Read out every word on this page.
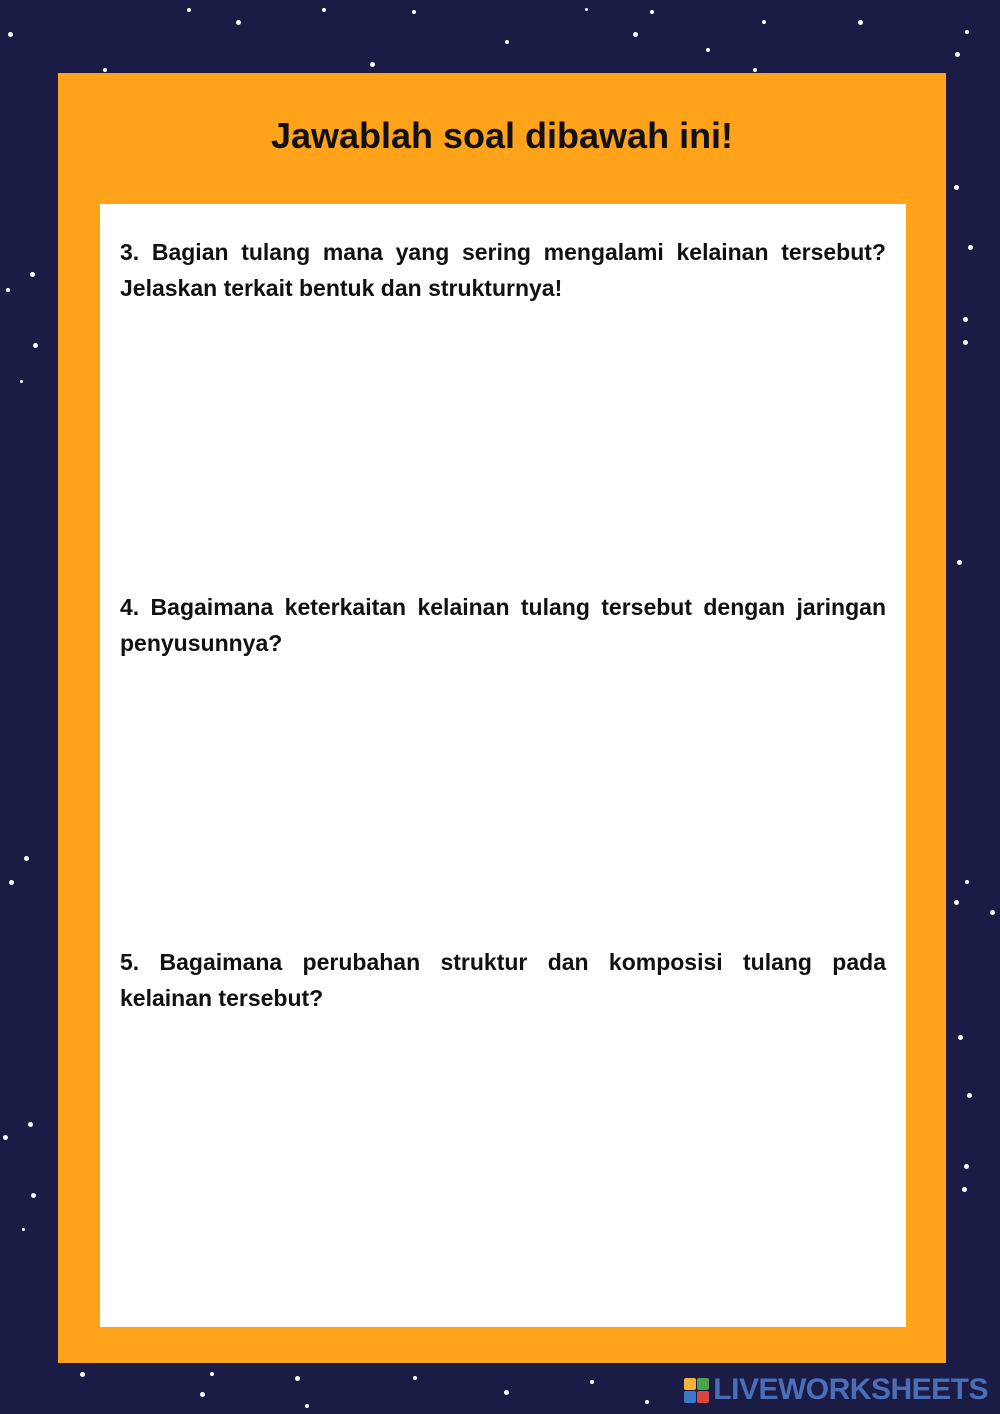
Jawablah soal dibawah ini!
3. Bagian tulang mana yang sering mengalami kelainan tersebut? Jelaskan terkait bentuk dan strukturnya!
4. Bagaimana keterkaitan kelainan tulang tersebut dengan jaringan penyusunnya?
5. Bagaimana perubahan struktur dan komposisi tulang pada kelainan tersebut?
LIVEWORKSHEETS
